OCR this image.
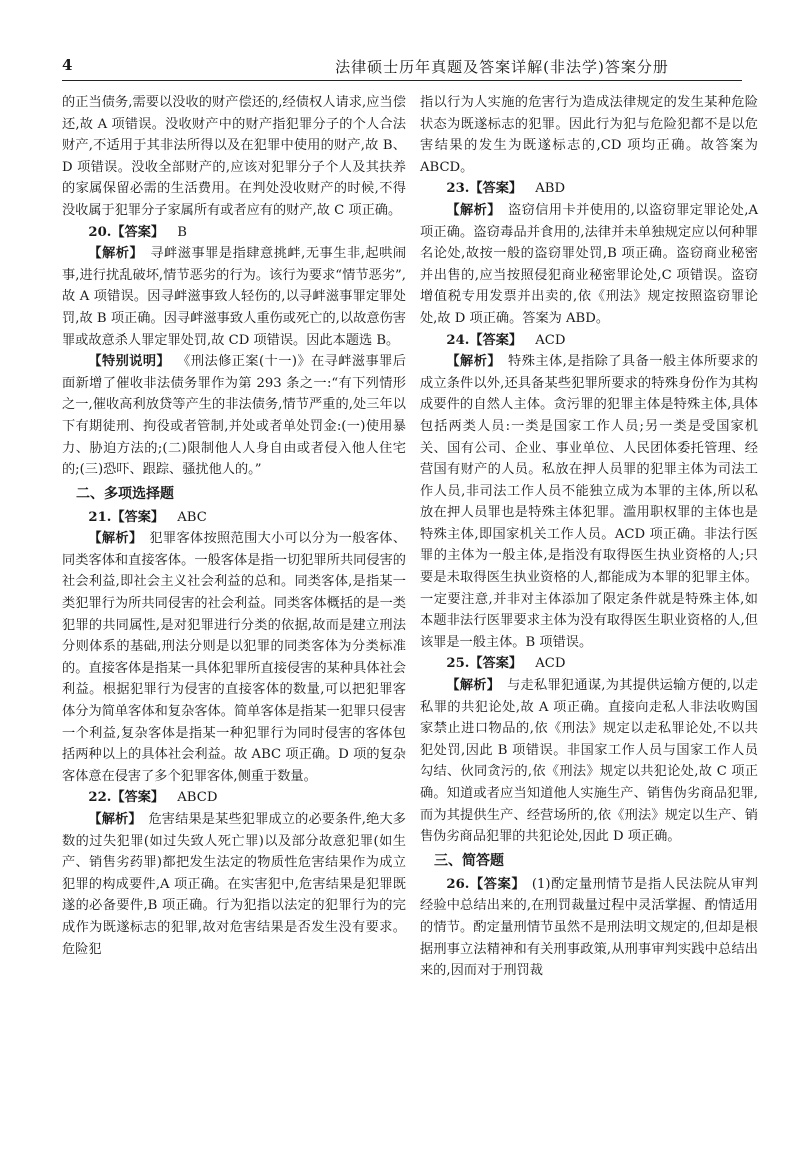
4	法律硕士历年真题及答案详解(非法学)答案分册

的正当债务,需要以没收的财产偿还的,经债权人请求,应当偿还,故 A 项错误。没收财产中的财产指犯罪分子的个人合法财产,不适用于其非法所得以及在犯罪中使用的财产,故 B、D 项错误。没收全部财产的,应该对犯罪分子个人及其扶养的家属保留必需的生活费用。在判处没收财产的时候,不得没收属于犯罪分子家属所有或者应有的财产,故 C 项正确。

20.【答案】 B

【解析】 寻衅滋事罪是指肆意挑衅,无事生非,起哄闹事,进行扰乱破坏,情节恶劣的行为。该行为要求“情节恶劣”,故 A 项错误。因寻衅滋事致人轻伤的,以寻衅滋事罪定罪处罚,故 B 项正确。因寻衅滋事致人重伤或死亡的,以故意伤害罪或故意杀人罪定罪处罚,故 CD 项错误。因此本题选 B。

【特别说明】 《刑法修正案(十一)》在寻衅滋事罪后面新增了催收非法债务罪作为第 293 条之一:“有下列情形之一,催收高利放贷等产生的非法债务,情节严重的,处三年以下有期徒刑、拘役或者管制,并处或者单处罚金:(一)使用暴力、胁迫方法的;(二)限制他人人身自由或者侵入他人住宅的;(三)恐吓、跟踪、骚扰他人的。”

二、多项选择题

21.【答案】 ABC

【解析】 犯罪客体按照范围大小可以分为一般客体、同类客体和直接客体。一般客体是指一切犯罪所共同侵害的社会利益,即社会主义社会利益的总和。同类客体,是指某一类犯罪行为所共同侵害的社会利益。同类客体概括的是一类犯罪的共同属性,是对犯罪进行分类的依据,故而是建立刑法分则体系的基础,刑法分则是以犯罪的同类客体为分类标准的。直接客体是指某一具体犯罪所直接侵害的某种具体社会利益。根据犯罪行为侵害的直接客体的数量,可以把犯罪客体分为简单客体和复杂客体。简单客体是指某一犯罪只侵害一个利益,复杂客体是指某一种犯罪行为同时侵害的客体包括两种以上的具体社会利益。故 ABC 项正确。D 项的复杂客体意在侵害了多个犯罪客体,侧重于数量。

22.【答案】 ABCD

【解析】 危害结果是某些犯罪成立的必要条件,绝大多数的过失犯罪(如过失致人死亡罪)以及部分故意犯罪(如生产、销售劣药罪)都把发生法定的物质性危害结果作为成立犯罪的构成要件,A 项正确。在实害犯中,危害结果是犯罪既遂的必备要件,B 项正确。行为犯指以法定的犯罪行为的完成作为既遂标志的犯罪,故对危害结果是否发生没有要求。危险犯

指以行为人实施的危害行为造成法律规定的发生某种危险状态为既遂标志的犯罪。因此行为犯与危险犯都不是以危害结果的发生为既遂标志的,CD 项均正确。故答案为 ABCD。

23.【答案】 ABD

【解析】 盗窃信用卡并使用的,以盗窃罪定罪论处,A 项正确。盗窃毒品并食用的,法律并未单独规定应以何种罪名论处,故按一般的盗窃罪处罚,B 项正确。盗窃商业秘密并出售的,应当按照侵犯商业秘密罪论处,C 项错误。盗窃增值税专用发票并出卖的,依《刑法》规定按照盗窃罪论处,故 D 项正确。答案为 ABD。

24.【答案】 ACD

【解析】 特殊主体,是指除了具备一般主体所要求的成立条件以外,还具备某些犯罪所要求的特殊身份作为其构成要件的自然人主体。贪污罪的犯罪主体是特殊主体,具体包括两类人员:一类是国家工作人员;另一类是受国家机关、国有公司、企业、事业单位、人民团体委托管理、经营国有财产的人员。私放在押人员罪的犯罪主体为司法工作人员,非司法工作人员不能独立成为本罪的主体,所以私放在押人员罪也是特殊主体犯罪。滥用职权罪的主体也是特殊主体,即国家机关工作人员。ACD 项正确。非法行医罪的主体为一般主体,是指没有取得医生执业资格的人;只要是未取得医生执业资格的人,都能成为本罪的犯罪主体。一定要注意,并非对主体添加了限定条件就是特殊主体,如本题非法行医罪要求主体为没有取得医生职业资格的人,但该罪是一般主体。B 项错误。

25.【答案】 ACD

【解析】 与走私罪犯通谋,为其提供运输方便的,以走私罪的共犯论处,故 A 项正确。直接向走私人非法收购国家禁止进口物品的,依《刑法》规定以走私罪论处,不以共犯处罚,因此 B 项错误。非国家工作人员与国家工作人员勾结、伙同贪污的,依《刑法》规定以共犯论处,故 C 项正确。知道或者应当知道他人实施生产、销售伪劣商品犯罪,而为其提供生产、经营场所的,依《刑法》规定以生产、销售伪劣商品犯罪的共犯论处,因此 D 项正确。

三、简答题

26.【答案】 (1)酌定量刑情节是指人民法院从审判经验中总结出来的,在刑罚裁量过程中灵活掌握、酌情适用的情节。酌定量刑情节虽然不是刑法明文规定的,但却是根据刑事立法精神和有关刑事政策,从刑事审判实践中总结出来的,因而对于刑罚裁
